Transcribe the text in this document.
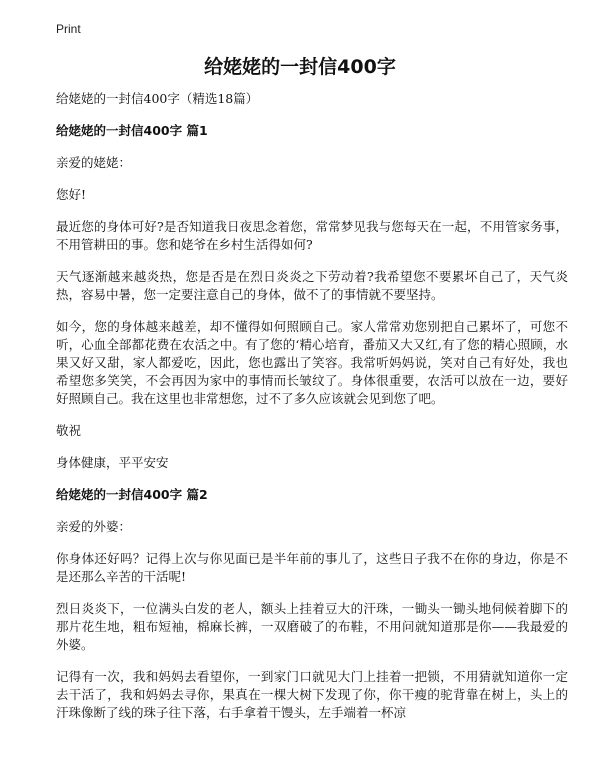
Print
给姥姥的一封信400字

给姥姥的一封信400字（精选18篇）

给姥姥的一封信400字 篇1

亲爱的姥姥：

您好!

最近您的身体可好?是否知道我日夜思念着您，常常梦见我与您每天在一起，不用管家务事，不用管耕田的事。您和姥爷在乡村生活得如何?

天气逐渐越来越炎热，您是否是在烈日炎炎之下劳动着?我希望您不要累坏自己了，天气炎热，容易中暑，您一定要注意自己的身体，做不了的事情就不要坚持。

如今，您的身体越来越差，却不懂得如何照顾自己。家人常常劝您别把自己累坏了，可您不听，心血全部都花费在农活之中。有了您的‘精心培育，番茄又大又红,有了您的精心照顾，水果又好又甜，家人都爱吃，因此，您也露出了笑容。我常听妈妈说，笑对自己有好处，我也希望您多笑笑，不会再因为家中的事情而长皱纹了。身体很重要，农活可以放在一边，要好好照顾自己。我在这里也非常想您，过不了多久应该就会见到您了吧。

敬祝

身体健康，平平安安

给姥姥的一封信400字 篇2

亲爱的外婆：

你身体还好吗？记得上次与你见面已是半年前的事儿了，这些日子我不在你的身边，你是不是还那么辛苦的干活呢!

烈日炎炎下，一位满头白发的老人，额头上挂着豆大的汗珠，一锄头一锄头地伺候着脚下的那片花生地，粗布短袖，棉麻长裤，一双磨破了的布鞋，不用问就知道那是你——我最爱的外婆。

记得有一次，我和妈妈去看望你，一到家门口就见大门上挂着一把锁，不用猜就知道你一定去干活了，我和妈妈去寻你，果真在一棵大树下发现了你，你干瘦的驼背靠在树上，头上的汗珠像断了线的珠子往下落，右手拿着干馒头，左手端着一杯凉
